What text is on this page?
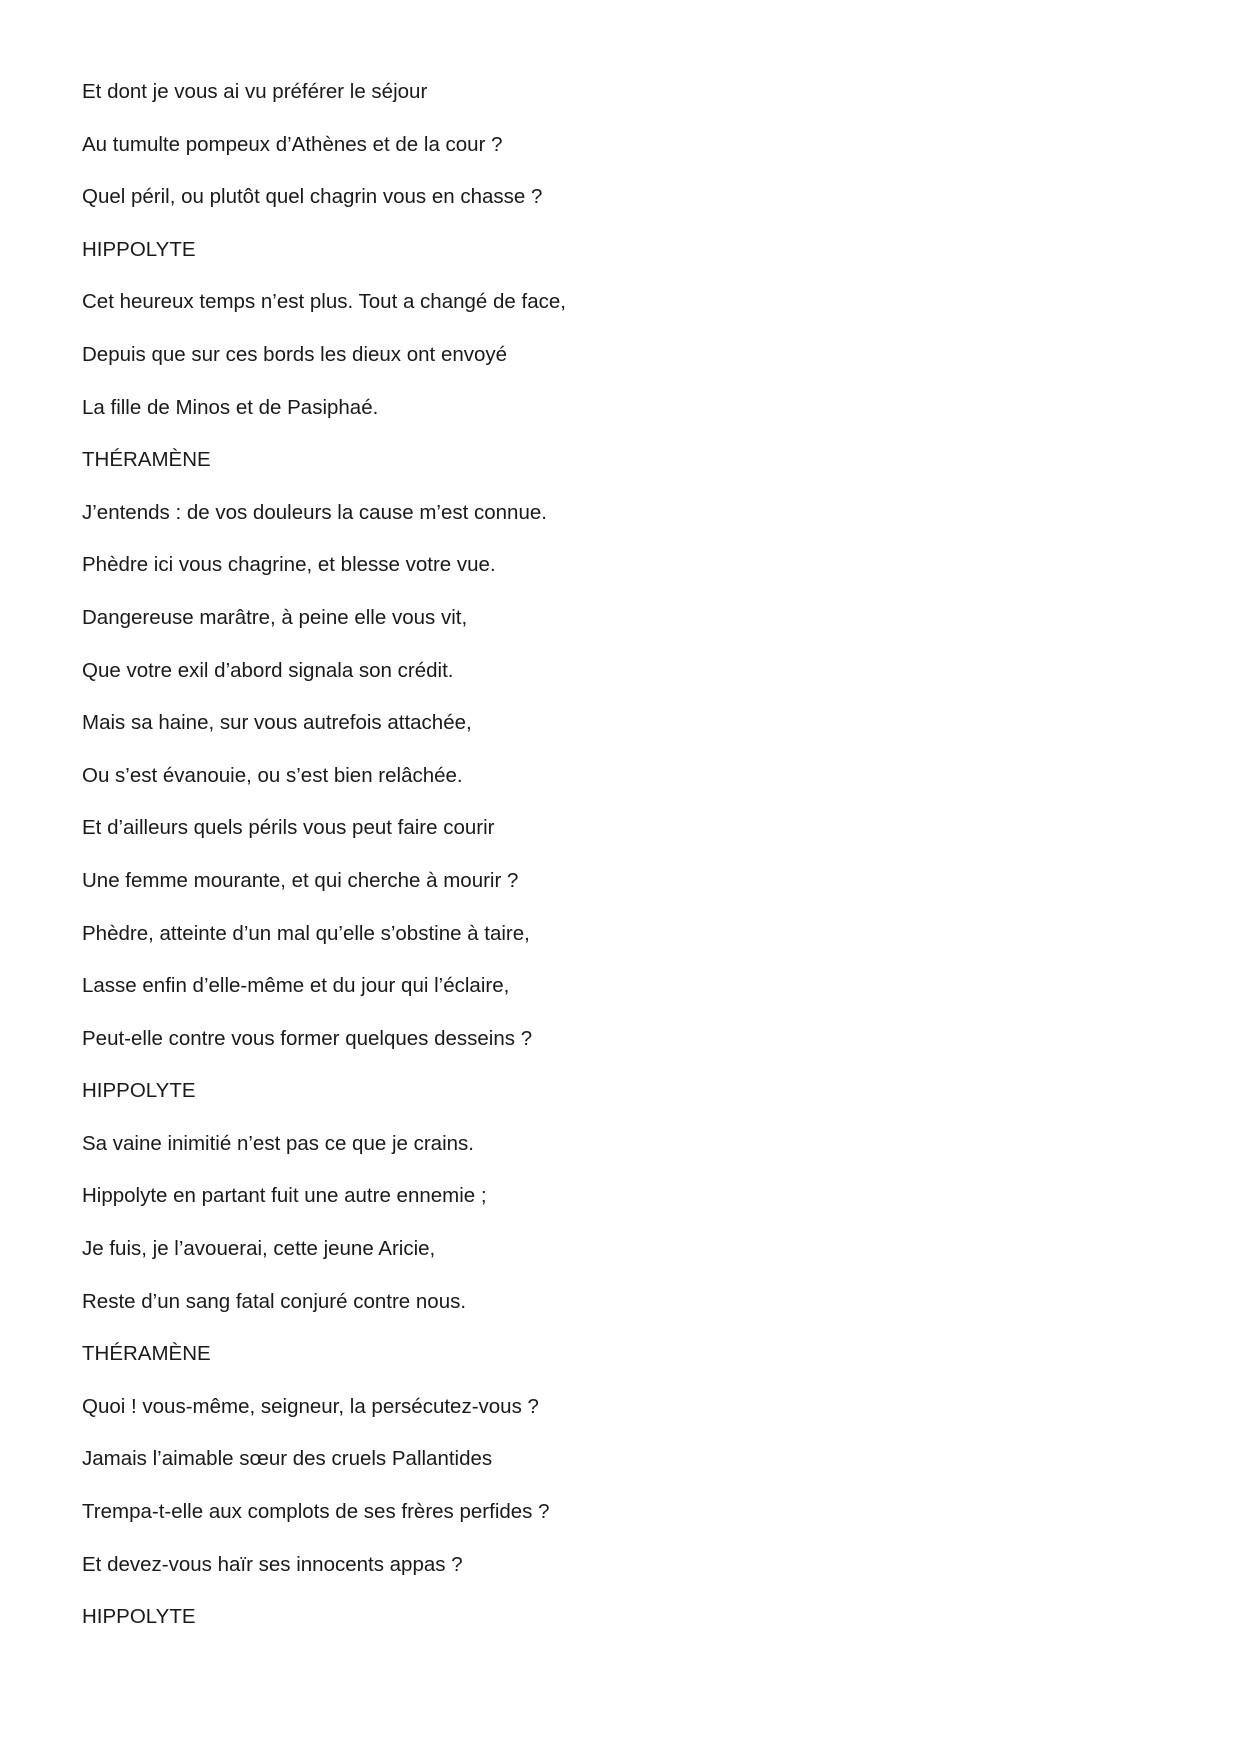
Et dont je vous ai vu préférer le séjour
Au tumulte pompeux d’Athènes et de la cour ?
Quel péril, ou plutôt quel chagrin vous en chasse ?
HIPPOLYTE
Cet heureux temps n’est plus. Tout a changé de face,
Depuis que sur ces bords les dieux ont envoyé
La fille de Minos et de Pasiphaé.
THÉRAMÈNE
J’entends : de vos douleurs la cause m’est connue.
Phèdre ici vous chagrine, et blesse votre vue.
Dangereuse marâtre, à peine elle vous vit,
Que votre exil d’abord signala son crédit.
Mais sa haine, sur vous autrefois attachée,
Ou s’est évanouie, ou s’est bien relâchée.
Et d’ailleurs quels périls vous peut faire courir
Une femme mourante, et qui cherche à mourir ?
Phèdre, atteinte d’un mal qu’elle s’obstine à taire,
Lasse enfin d’elle-même et du jour qui l’éclaire,
Peut-elle contre vous former quelques desseins ?
HIPPOLYTE
Sa vaine inimitié n’est pas ce que je crains.
Hippolyte en partant fuit une autre ennemie ;
Je fuis, je l’avouerai, cette jeune Aricie,
Reste d’un sang fatal conjuré contre nous.
THÉRAMÈNE
Quoi ! vous-même, seigneur, la persécutez-vous ?
Jamais l’aimable sœur des cruels Pallantides
Trempa-t-elle aux complots de ses frères perfides ?
Et devez-vous haïr ses innocents appas ?
HIPPOLYTE
